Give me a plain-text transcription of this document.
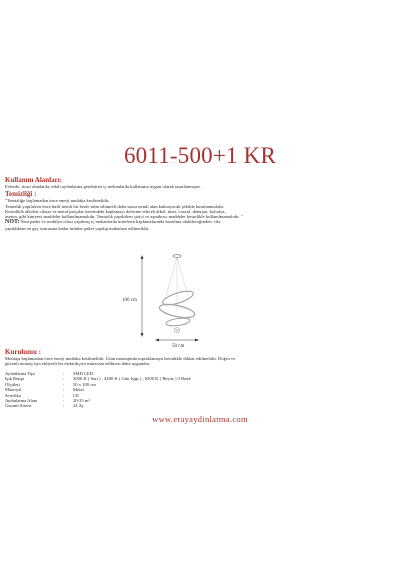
6011-500+1 KR
Kullanım Alanları:
Evlerde, ticari alanlarda, etkili aydınlatma gerektiren iç mekanlarda kullanıma uygun olarak tasarlanmıştır.
Temizliği :
"Temizliğe başlamadan önce enerji mutlaka kesilmelidir.
Temizlik yapılırken önce hafif nemli bir bezle ürün silinmeli daha sonra nemli alan kalmayacak şekilde kurulanmalıdır.
Kesinlikle alkolsü cilasız ve metal parçalar üzerindeki kaplamayı deforme edecek alkol, tiner, vaxsol, deterjan, kolonya,
aseton, gibi kimyevi maddeler kullanılmamalıdır. Temizlik yapılırken çizici ve aşındırıcı maddeler kesinlikle kullanılmamalıdır. "
NOT: Yeni parke ve mobilya cilası yapılmış iç mekanlarda ürünlerin kaplamalarında bozulma olabileceğinden, cila
yapıldıktan en geç sonrasına kadar ürünler paket yapılıp muhafaza edilmelidir.
100 cm
50 cm
Kurulumu :
Montaja başlamadan önce enerji mutlaka kesilmelidir. Ürün montajında topraklamaya kesinlikle dikkat edilmelidir. Doğru ve
güvenli montaj için ehliyetli bir elektrikçiye müracaat edilmesi daha uygundur.
Aydınlatma Tipi	:	SMD LED
Işık Rengi	:	3000 K ( Sarı ) , 4200 K ( Gün Işığı ) , 6500 K ( Beyaz ) 3 Renk
Ölçüleri	:	50 x 100 cm
Materyal	:	Metal
Sertifika	:	CE
Aydınlatma Alanı	:	20-25 m²
Garanti Süresi	:	24 Ay
www.erayaydinlatma.com
